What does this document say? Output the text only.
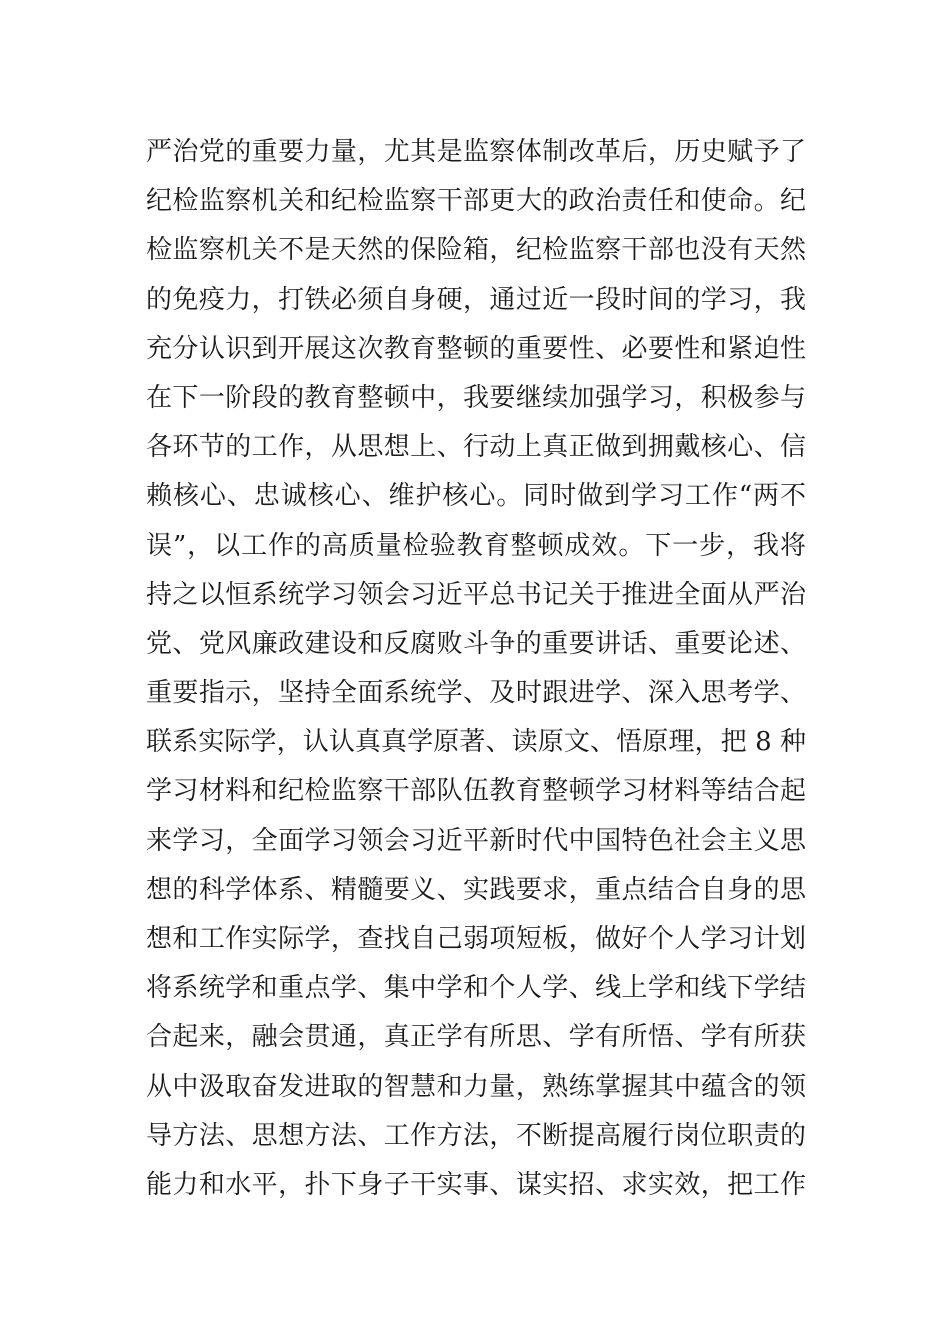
严治党的重要力量，尤其是监察体制改革后，历史赋予了
纪检监察机关和纪检监察干部更大的政治责任和使命。纪
检监察机关不是天然的保险箱，纪检监察干部也没有天然
的免疫力，打铁必须自身硬，通过近一段时间的学习，我
充分认识到开展这次教育整顿的重要性、必要性和紧迫性
在下一阶段的教育整顿中，我要继续加强学习，积极参与
各环节的工作，从思想上、行动上真正做到拥戴核心、信
赖核心、忠诚核心、维护核心。同时做到学习工作“两不
误”，以工作的高质量检验教育整顿成效。下一步，我将
持之以恒系统学习领会习近平总书记关于推进全面从严治
党、党风廉政建设和反腐败斗争的重要讲话、重要论述、
重要指示，坚持全面系统学、及时跟进学、深入思考学、
联系实际学，认认真真学原著、读原文、悟原理，把 8 种
学习材料和纪检监察干部队伍教育整顿学习材料等结合起
来学习，全面学习领会习近平新时代中国特色社会主义思
想的科学体系、精髓要义、实践要求，重点结合自身的思
想和工作实际学，查找自己弱项短板，做好个人学习计划
将系统学和重点学、集中学和个人学、线上学和线下学结
合起来，融会贯通，真正学有所思、学有所悟、学有所获
从中汲取奋发进取的智慧和力量，熟练掌握其中蕴含的领
导方法、思想方法、工作方法，不断提高履行岗位职责的
能力和水平，扑下身子干实事、谋实招、求实效，把工作
